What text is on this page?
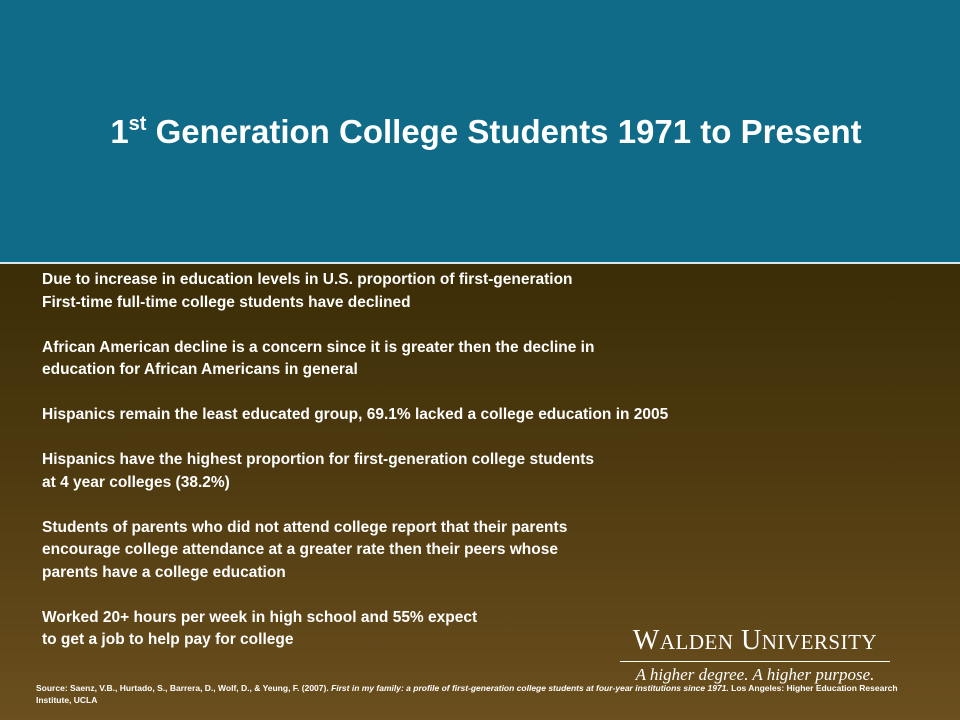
1st Generation College Students 1971 to Present
Due to increase in education levels in U.S. proportion of first-generation
First-time full-time college students have declined
African American decline is a concern since it is greater then the decline in
education for African Americans in general
Hispanics remain the least educated group, 69.1% lacked a college education in 2005
Hispanics have the highest proportion for first-generation college students
at 4 year colleges (38.2%)
Students of parents who did not attend college report that their parents
encourage college attendance at a greater rate then their peers whose
parents have a college education
Worked 20+ hours per week in high school and 55% expect
to get a job to help pay for college	WALDEN UNIVERSITY
A higher degree. A higher purpose.
Source: Saenz, V.B., Hurtado, S., Barrera, D., Wolf, D., & Yeung, F. (2007). First in my family: a profile of first-generation college students at four-year institutions since 1971. Los Angeles: Higher Education Research Institute, UCLA
